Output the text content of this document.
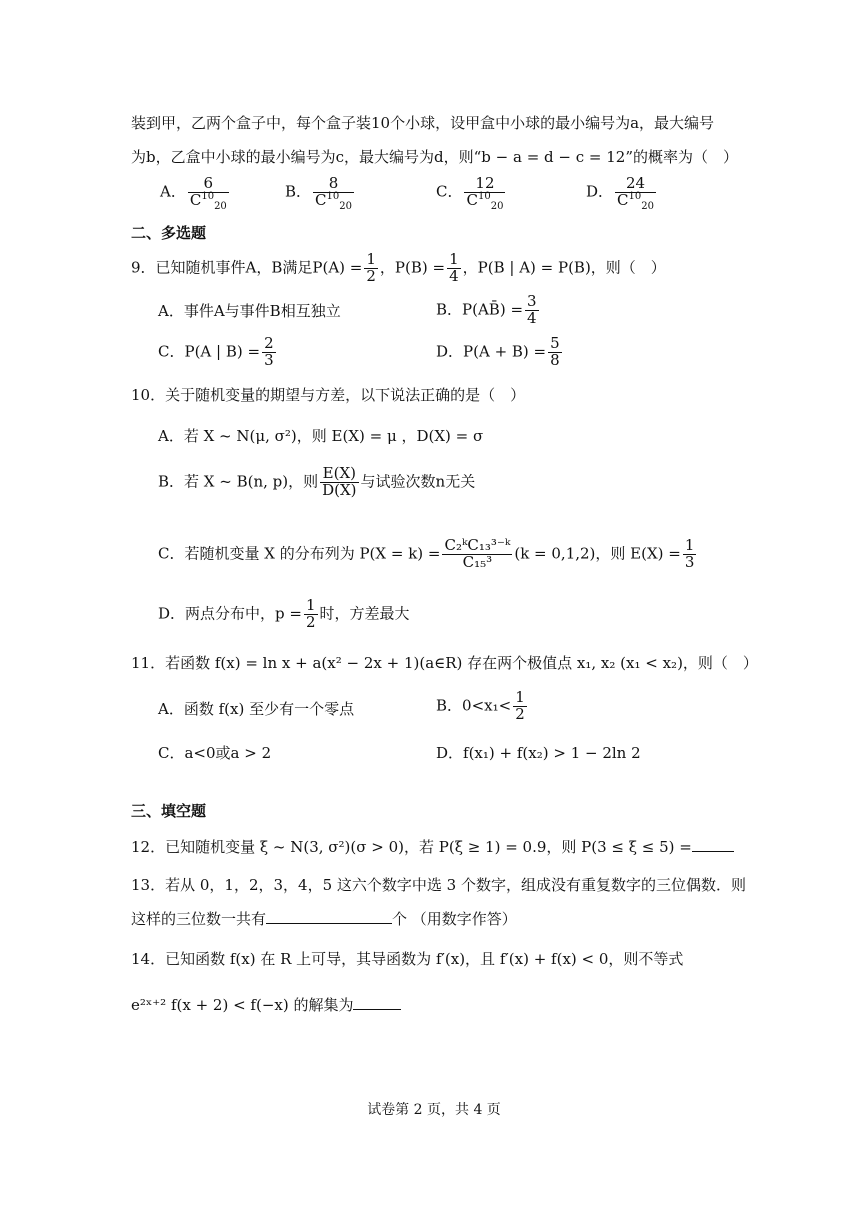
装到甲，乙两个盒子中，每个盒子装10个小球，设甲盒中小球的最小编号为a，最大编号
为b，乙盒中小球的最小编号为c，最大编号为d，则“b − a = d − c = 12”的概率为（　）
A． $\frac{6}{C^{10}_{20}}$	B． $\frac{8}{C^{10}_{20}}$	C． $\frac{12}{C^{10}_{20}}$	D． $\frac{24}{C^{10}_{20}}$
二、多选题
9．已知随机事件A，B满足$P(A) = \frac{1}{2}$ ，$P(B) = \frac{1}{4}$ ，P(B | A) = P(B)，则（　）
A．事件A与事件B相互独立	B．P(AB̄) = $\frac{3}{4}$
C．P(A | $B) = \frac{2}{3}$	D．$P(A + B) = \frac{5}{8}$
10．关于随机变量的期望与方差，以下说法正确的是（　）
A．若 X ~ N(μ, σ²)，则 E(X) = μ ，D(X) = σ
B．若 X ~ B(n, p)，则 $\frac{E(X)}{D(X)}$ 与试验次数n无关
C．若随机变量 X 的分布列为 $P(X = k) = \frac{\text{C₂ᵏC₁₃³⁻ᵏ}}{\text{C₁₅³}} (k = 0,1,2)$，则 $E(X) = \frac{1}{3}$
D．两点分布中，$p = \frac{1}{2}$ 时，方差最大
11．若函数 f(x) = ln x + a(x² − 2x + 1)(a∈R) 存在两个极值点 x₁, x₂ (x₁ < x₂)，则（　）
A．函数 f(x) 至少有一个零点	B．$0<x_1< \frac{1}{2}$
C．a<0或a > 2	D．f(x₁) + f(x₂) > 1 − 2ln 2
三、填空题
12．已知随机变量 ξ ~ N(3, σ²)(σ > 0)，若 P(ξ ≥ 1) = 0.9，则 P(3 ≤ ξ ≤ 5) =
13．若从 0，1，2，3，4，5 这六个数字中选 3 个数字，组成没有重复数字的三位偶数．则
这样的三位数一共有	个 （用数字作答）
14．已知函数 f(x) 在 R 上可导，其导函数为 f′(x)，且 f′(x) + f(x) < 0，则不等式
e²ˣ⁺² f(x + 2) < f(−x) 的解集为
试卷第 2 页，共 4 页
